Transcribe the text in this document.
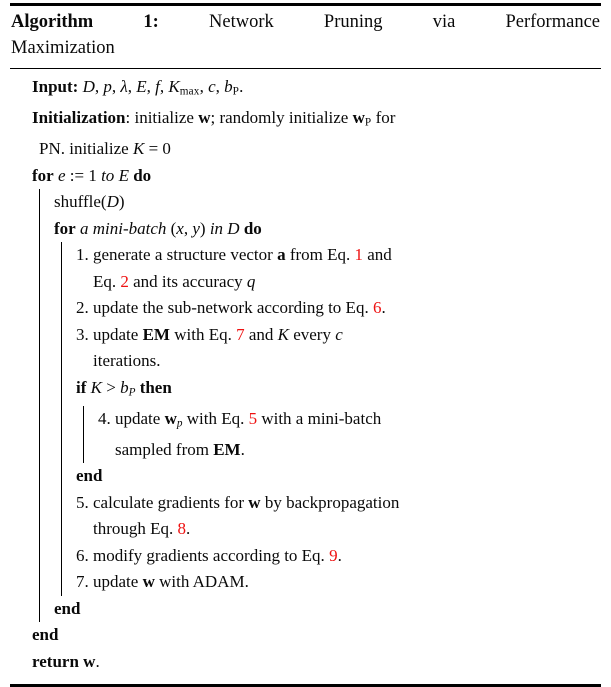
Algorithm 1: Network Pruning via Performance
Maximization
Input: D, p, λ, E, f, $K_{max}$, c, $b_P$.
Initialization: initialize w; randomly initialize $w_P$ for
PN. initialize K = 0
for e := 1 to E do
shuffle(D)
for a mini-batch (x, y) in D do
1. generate a structure vector a from Eq. 1 and
Eq. 2 and its accuracy q
2. update the sub-network according to Eq. 6.
3. update EM with Eq. 7 and K every c
iterations.
if K > bP then
4. update wp with Eq. 5 with a mini-batch
sampled from EM.
end
5. calculate gradients for w by backpropagation
through Eq. 8.
6. modify gradients according to Eq. 9.
7. update w with ADAM.
end
end
return w.
